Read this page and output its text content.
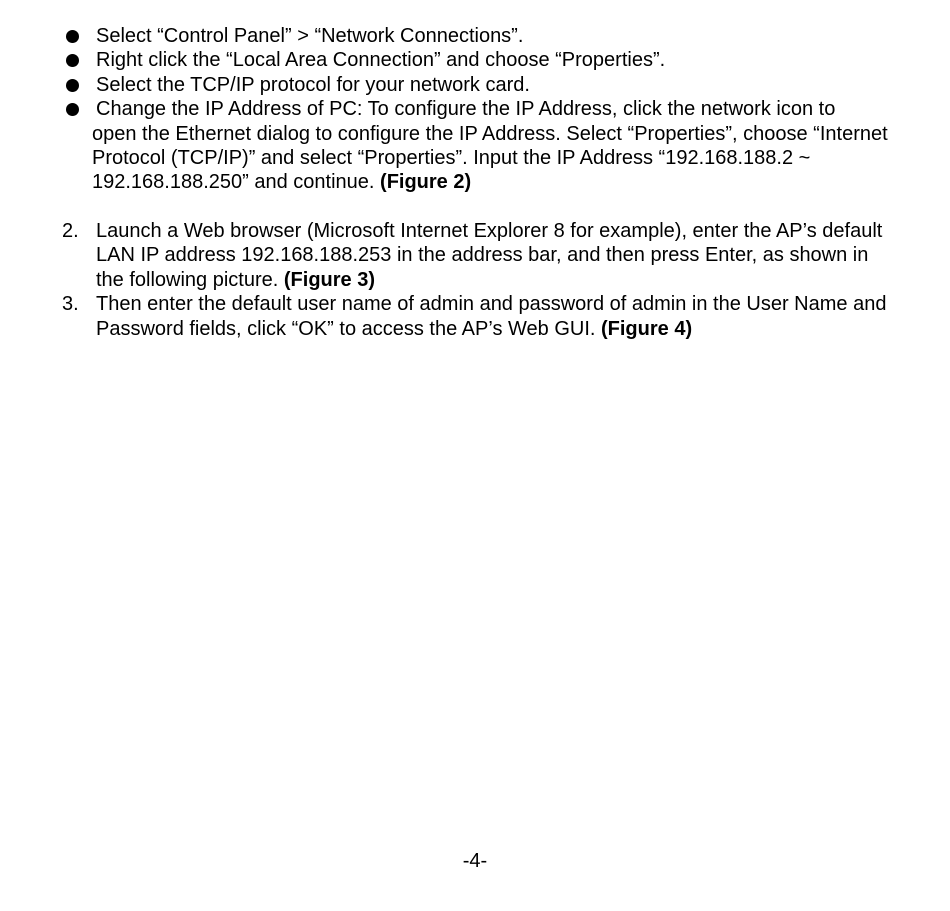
Select “Control Panel” > “Network Connections”.
Right click the “Local Area Connection” and choose “Properties”.
Select the TCP/IP protocol for your network card.
Change the IP Address of PC: To configure the IP Address, click the network icon to
open the Ethernet dialog to configure the IP Address. Select “Properties”, choose “Internet Protocol (TCP/IP)” and select “Properties”. Input the IP Address “192.168.188.2 ~ 192.168.188.250” and continue. (Figure 2)
2. Launch a Web browser (Microsoft Internet Explorer 8 for example), enter the AP’s default LAN IP address 192.168.188.253 in the address bar, and then press Enter, as shown in the following picture. (Figure 3)
3. Then enter the default user name of admin and password of admin in the User Name and Password fields, click “OK” to access the AP’s Web GUI. (Figure 4)
-4-
